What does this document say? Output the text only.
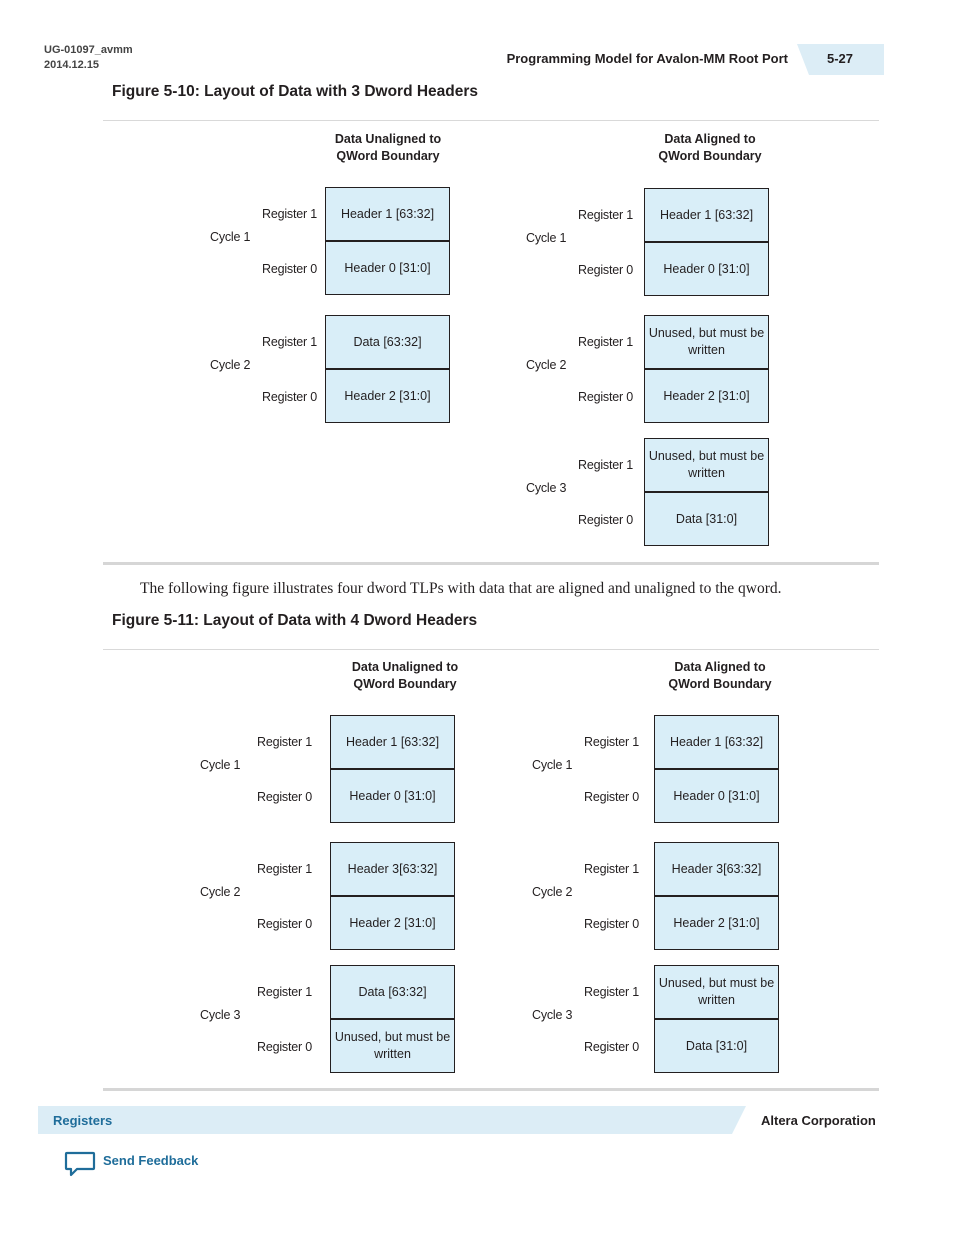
UG-01097_avmm
2014.12.15	Programming Model for Avalon-MM Root Port	5-27
Figure 5-10: Layout of Data with 3 Dword Headers
Data Unaligned to
QWord Boundary
Cycle 1
Register 1
Register 0
Header 1 [63:32]
Header 0 [31:0]
Cycle 2
Register 1
Register 0
Data [63:32]
Header 2 [31:0]
Data Aligned to
QWord Boundary
Cycle 1
Register 1
Register 0
Header 1 [63:32]
Header 0 [31:0]
Cycle 2
Register 1
Register 0
Unused, but must be written
Header 2 [31:0]
Cycle 3
Register 1
Register 0
Unused, but must be written
Data [31:0]
The following figure illustrates four dword TLPs with data that are aligned and unaligned to the qword.
Figure 5-11: Layout of Data with 4 Dword Headers
Data Unaligned to
QWord Boundary
Cycle 1
Register 1
Register 0
Header 1 [63:32]
Header 0 [31:0]
Cycle 2
Register 1
Register 0
Header 3[63:32]
Header 2 [31:0]
Cycle 3
Register 1
Register 0
Data [63:32]
Unused, but must be written
Data Aligned to
QWord Boundary
Cycle 1
Register 1
Register 0
Header 1 [63:32]
Header 0 [31:0]
Cycle 2
Register 1
Register 0
Header 3[63:32]
Header 2 [31:0]
Cycle 3
Register 1
Register 0
Unused, but must be written
Data [31:0]
Registers	Altera Corporation
Send Feedback
